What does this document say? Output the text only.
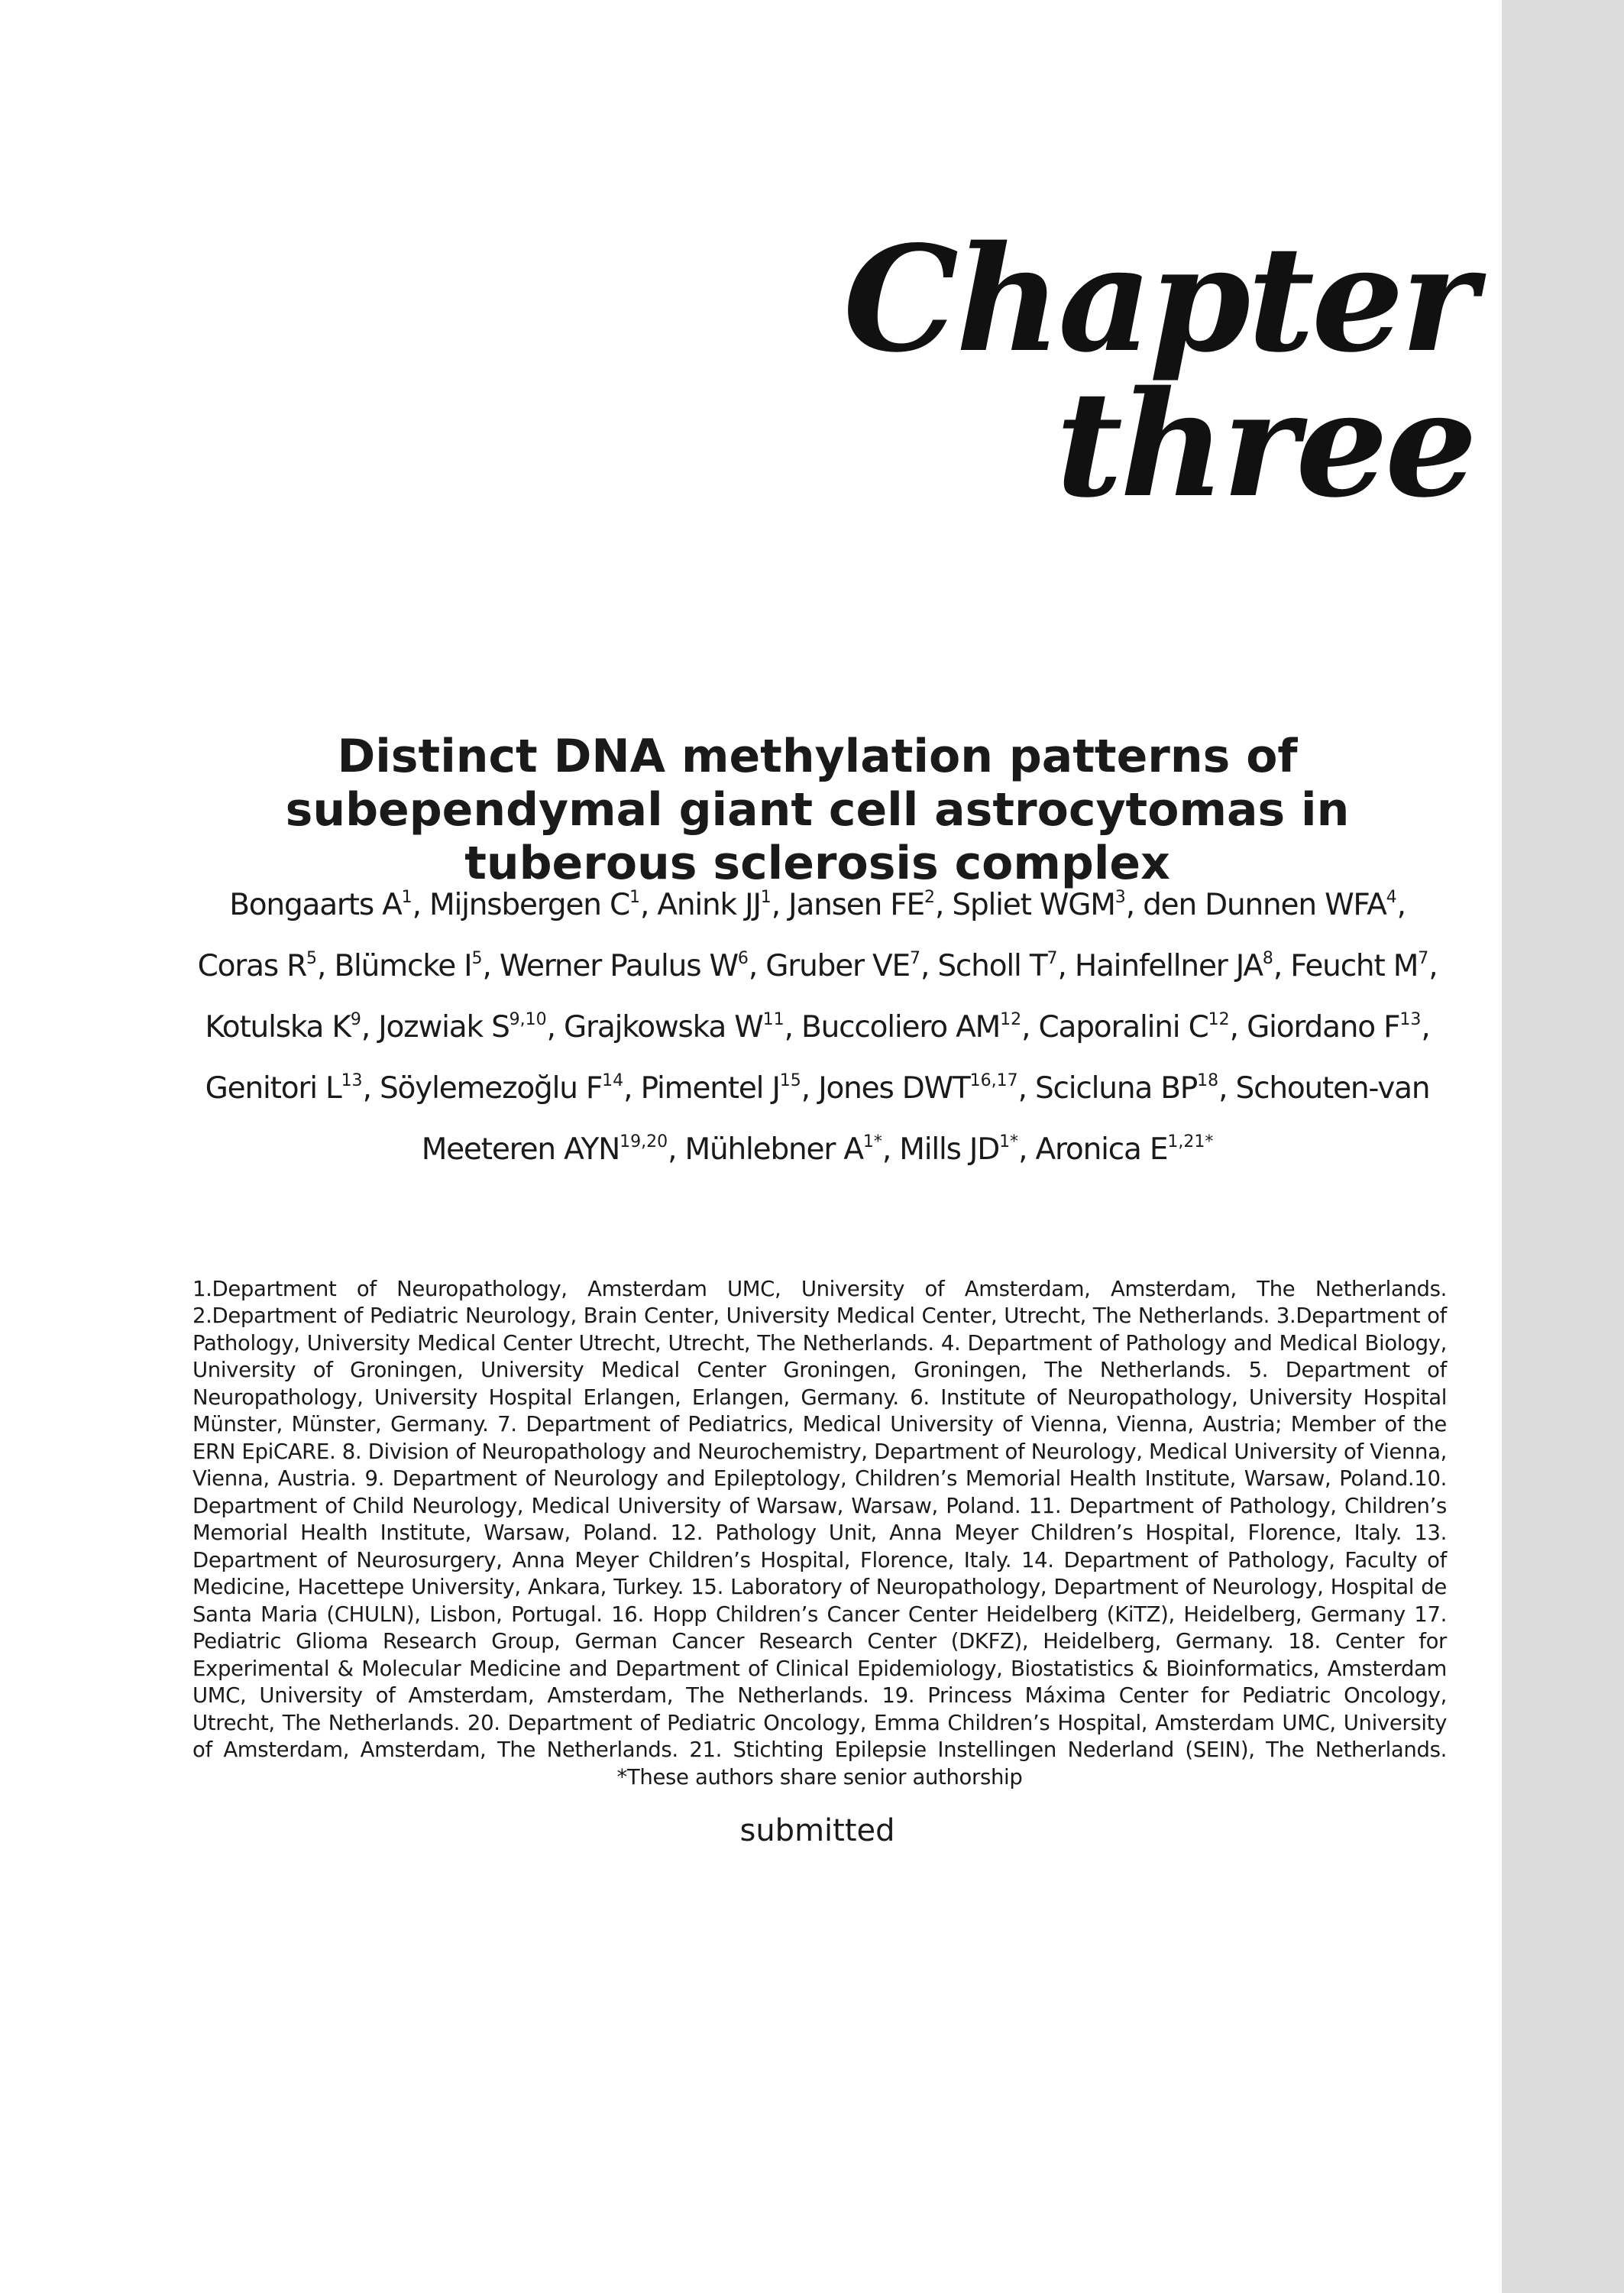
Chapter three
Distinct DNA methylation patterns of subependymal giant cell astrocytomas in tuberous sclerosis complex
Bongaarts $A^1$, Mijnsbergen $C^1$, Anink $JJ^1$, Jansen $FE^2$, Spliet WGM$^3$, den Dunnen WFA$^4$, Coras $R^5$, Blümcke $I^5$, Werner Paulus $W^6$, Gruber $VE^7$, Scholl $T^7$, Hainfellner $JA^8$, Feucht $M^7$, Kotulska $K^9$, Jozwiak S$^{9,10}$, Grajkowska $W^{11}$, Buccoliero AM$^{12}$, Caporalini $C^{12}$, Giordano $F^{13}$, Genitori $L^{13}$, Söylemezoğlu $F^{14}$, Pimentel $J^{15}$, Jones DWT$^{16,17}$, Scicluna BP$^{18}$, Schouten-van Meeteren AYN$^{19,20}$, Mühlebner $A^{1*}$, Mills $JD^{1*}$, Aronica $E^{1,21*}$

1.Department of Neuropathology, Amsterdam UMC, University of Amsterdam, Amsterdam, The Netherlands. 2.Department of Pediatric Neurology, Brain Center, University Medical Center, Utrecht, The Netherlands. 3.Department of Pathology, University Medical Center Utrecht, Utrecht, The Netherlands. 4. Department of Pathology and Medical Biology, University of Groningen, University Medical Center Groningen, Groningen, The Netherlands. 5. Department of Neuropathology, University Hospital Erlangen, Erlangen, Germany. 6. Institute of Neuropathology, University Hospital Münster, Münster, Germany. 7. Department of Pediatrics, Medical University of Vienna, Vienna, Austria; Member of the ERN EpiCARE. 8. Division of Neuropathology and Neurochemistry, Department of Neurology, Medical University of Vienna, Vienna, Austria. 9. Department of Neurology and Epileptology, Children’s Memorial Health Institute, Warsaw, Poland.10. Department of Child Neurology, Medical University of Warsaw, Warsaw, Poland. 11. Department of Pathology, Children’s Memorial Health Institute, Warsaw, Poland. 12. Pathology Unit, Anna Meyer Children’s Hospital, Florence, Italy. 13. Department of Neurosurgery, Anna Meyer Children’s Hospital, Florence, Italy. 14. Department of Pathology, Faculty of Medicine, Hacettepe University, Ankara, Turkey. 15. Laboratory of Neuropathology, Department of Neurology, Hospital de Santa Maria (CHULN), Lisbon, Portugal. 16. Hopp Children’s Cancer Center Heidelberg (KiTZ), Heidelberg, Germany 17. Pediatric Glioma Research Group, German Cancer Research Center (DKFZ), Heidelberg, Germany. 18. Center for Experimental & Molecular Medicine and Department of Clinical Epidemiology, Biostatistics & Bioinformatics, Amsterdam UMC, University of Amsterdam, Amsterdam, The Netherlands. 19. Princess Máxima Center for Pediatric Oncology, Utrecht, The Netherlands. 20. Department of Pediatric Oncology, Emma Children’s Hospital, Amsterdam UMC, University of Amsterdam, Amsterdam, The Netherlands. 21. Stichting Epilepsie Instellingen Nederland (SEIN), The Netherlands. *These authors share senior authorship

submitted
